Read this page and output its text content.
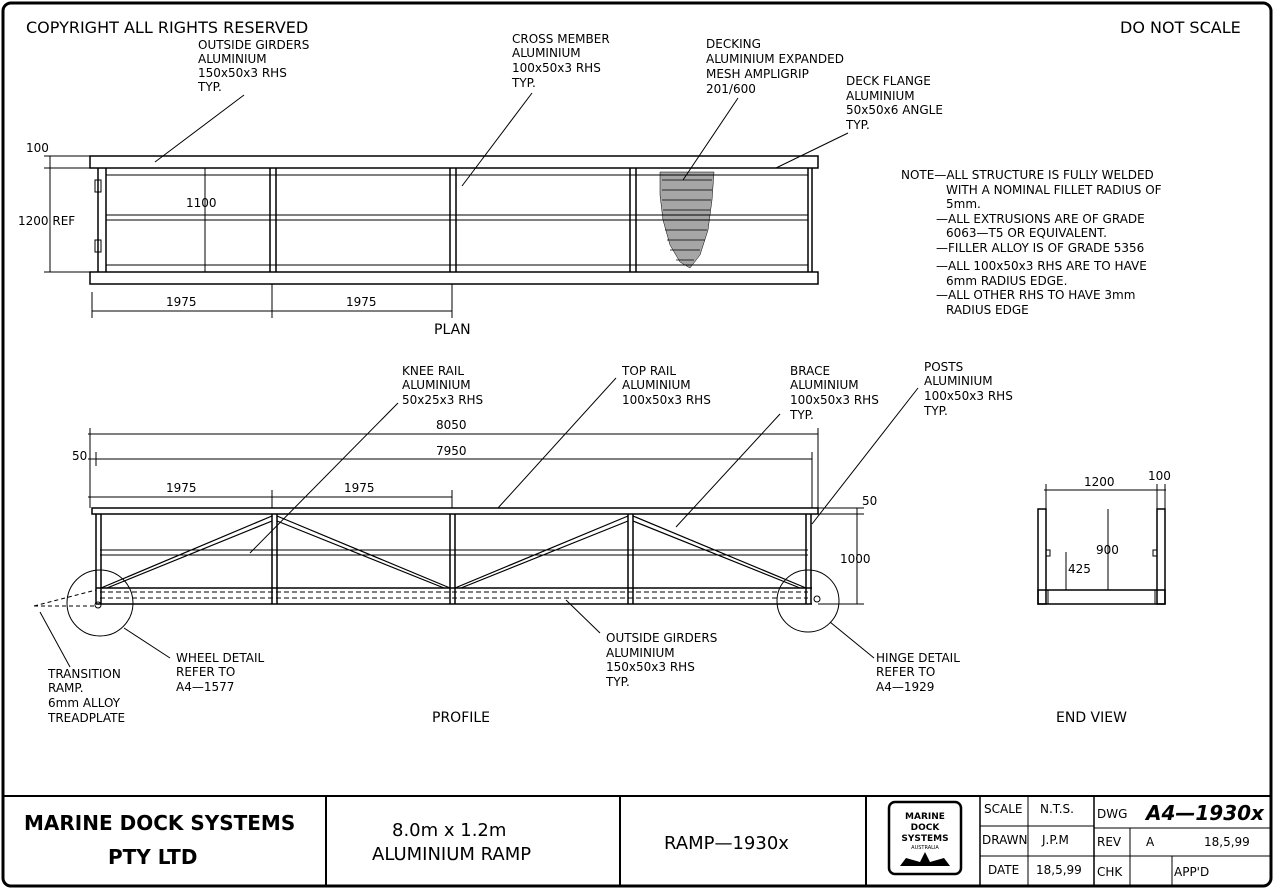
COPYRIGHT ALL RIGHTS RESERVED	DO NOT SCALE
100
1200 REF
1100
1975	1975
PLAN
OUTSIDE GIRDERS
ALUMINIUM
150x50x3 RHS
TYP.
CROSS MEMBER
ALUMINIUM
100x50x3 RHS
TYP.
DECKING
ALUMINIUM EXPANDED
MESH AMPLIGRIP
201/600
DECK FLANGE
ALUMINIUM
50x50x6 ANGLE
TYP.
NOTE—ALL STRUCTURE IS FULLY WELDED
WITH A NOMINAL FILLET RADIUS OF
5mm.
—ALL EXTRUSIONS ARE OF GRADE
6063—T5 OR EQUIVALENT.
—FILLER ALLOY IS OF GRADE 5356
—ALL 100x50x3 RHS ARE TO HAVE
6mm RADIUS EDGE.
—ALL OTHER RHS TO HAVE 3mm
RADIUS EDGE
8050
7950
50
1975	1975
50
1000
PROFILE
KNEE RAIL
ALUMINIUM
50x25x3 RHS
TOP RAIL
ALUMINIUM
100x50x3 RHS
BRACE
ALUMINIUM
100x50x3 RHS
TYP.
POSTS
ALUMINIUM
100x50x3 RHS
TYP.
OUTSIDE GIRDERS
ALUMINIUM
150x50x3 RHS
TYP.
WHEEL DETAIL
REFER TO
A4—1577
HINGE DETAIL
REFER TO
A4—1929
TRANSITION
RAMP.
6mm ALLOY
TREADPLATE
1200	100
900
425
END VIEW
MARINE DOCK SYSTEMS
PTY LTD
8.0m x 1.2m
ALUMINIUM RAMP
RAMP—1930x
MARINE
DOCK
SYSTEMS
AUSTRALIA
SCALE N.T.S.
DRAWN J.P.M
DATE 18,5,99
DWG A4—1930x
REV A	18,5,99
CHK	APP'D
